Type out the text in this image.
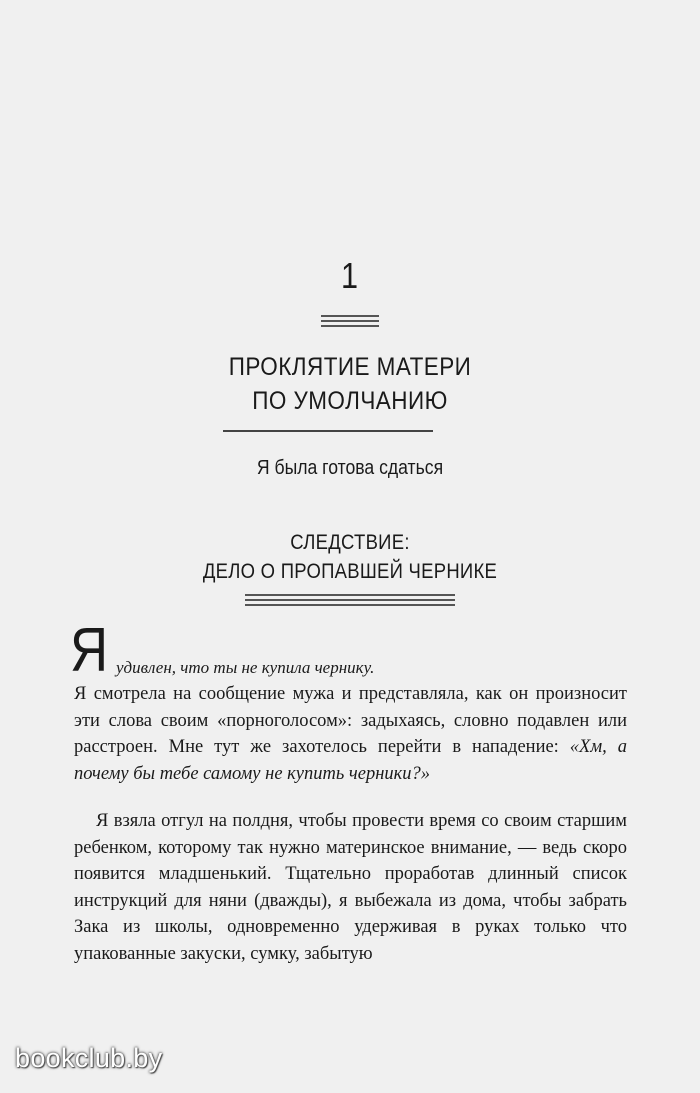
1
ПРОКЛЯТИЕ МАТЕРИ
ПО УМОЛЧАНИЮ
Я была готова сдаться
СЛЕДСТВИЕ:
ДЕЛО О ПРОПАВШЕЙ ЧЕРНИКЕ
Я удивлен, что ты не купила чернику.
Я смотрела на сообщение мужа и представляла, как он произносит эти слова своим «порноголосом»: задыхаясь, словно подавлен или расстроен. Мне тут же захотелось перейти в нападение: «Хм, а почему бы тебе самому не купить черники?»
Я взяла отгул на полдня, чтобы провести время со своим старшим ребенком, которому так нужно материнское внимание, — ведь скоро появится младшенький. Тщательно проработав длинный список инструкций для няни (дважды), я выбежала из дома, чтобы забрать Зака из школы, одновременно удерживая в руках только что упакованные закуски, сумку, забытую
bookclub.by
